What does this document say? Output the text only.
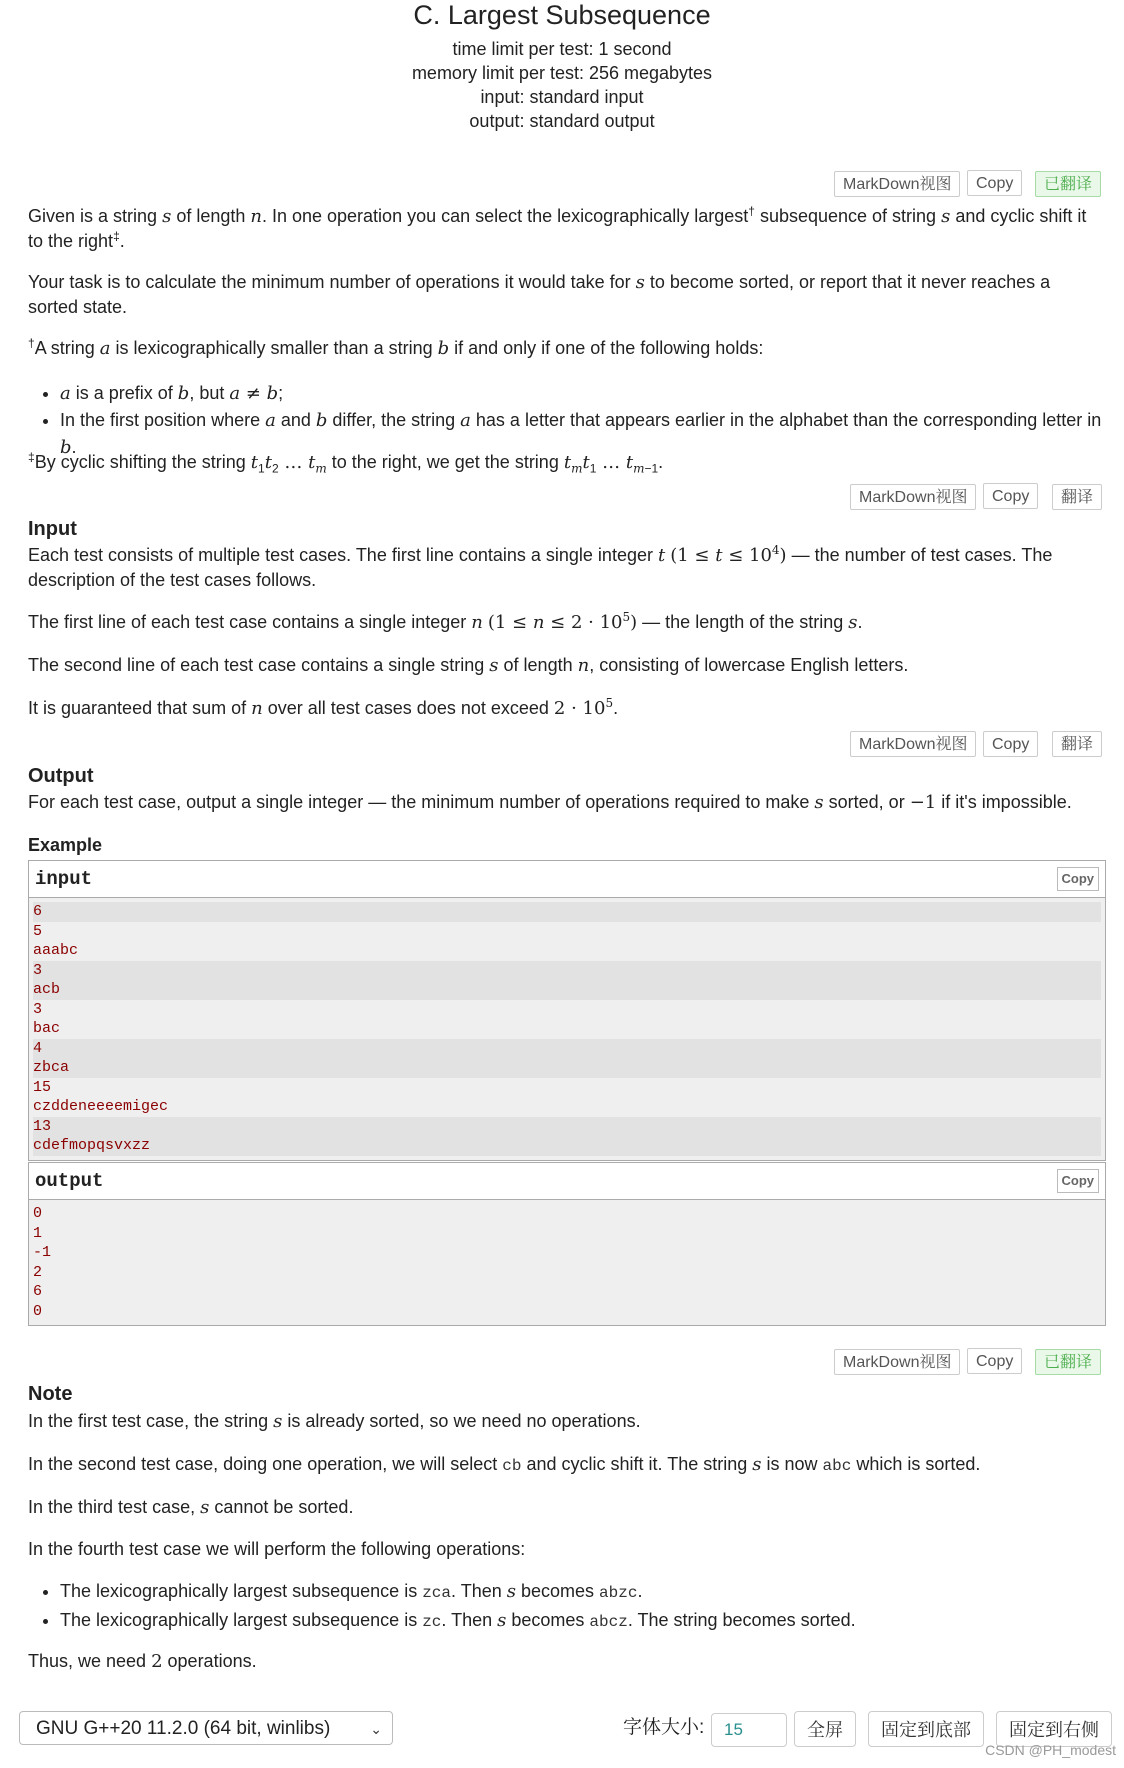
C. Largest Subsequence
time limit per test: 1 second
memory limit per test: 256 megabytes
input: standard input
output: standard output
MarkDown视图	Copy	已翻译
Given is a string s of length n. In one operation you can select the lexicographically largest† subsequence of string s and cyclic shift it to the right‡.
Your task is to calculate the minimum number of operations it would take for s to become sorted, or report that it never reaches a sorted state.
†A string a is lexicographically smaller than a string b if and only if one of the following holds:
• a is a prefix of b, but a ≠ b;
• In the first position where a and b differ, the string a has a letter that appears earlier in the alphabet than the corresponding letter in b.
‡By cyclic shifting the string $t_1t_2$ … $t_m$ to the right, we get the string $t_mt_1$ … $t_{m-1}$.
MarkDown视图	Copy	翻译
Input
Each test consists of multiple test cases. The first line contains a single integer t $(1 \le t \le 10^4)$ — the number of test cases. The description of the test cases follows.
The first line of each test case contains a single integer n $(1 \le n \le 2 \cdot 10^5)$ — the length of the string s.
The second line of each test case contains a single string s of length n, consisting of lowercase English letters.
It is guaranteed that sum of n over all test cases does not exceed $2 \cdot 10^5$.
MarkDown视图	Copy	翻译
Output
For each test case, output a single integer — the minimum number of operations required to make s sorted, or −1 if it's impossible.
Example
input	Copy
6
5
aaabc
3
acb
3
bac
4
zbca
15
czddeneeeemigec
13
cdefmopqsvxzz
output	Copy
0
1
-1
2
6
0
MarkDown视图	Copy	已翻译
Note
In the first test case, the string s is already sorted, so we need no operations.
In the second test case, doing one operation, we will select cb and cyclic shift it. The string s is now abc which is sorted.
In the third test case, s cannot be sorted.
In the fourth test case we will perform the following operations:
• The lexicographically largest subsequence is zca. Then s becomes abzc.
• The lexicographically largest subsequence is zc. Then s becomes abcz. The string becomes sorted.
Thus, we need 2 operations.
GNU G++20 11.2.0 (64 bit, winlibs)	⌄	字体大小:	15	全屏	固定到底部	固定到右侧
CSDN @PH_modest
